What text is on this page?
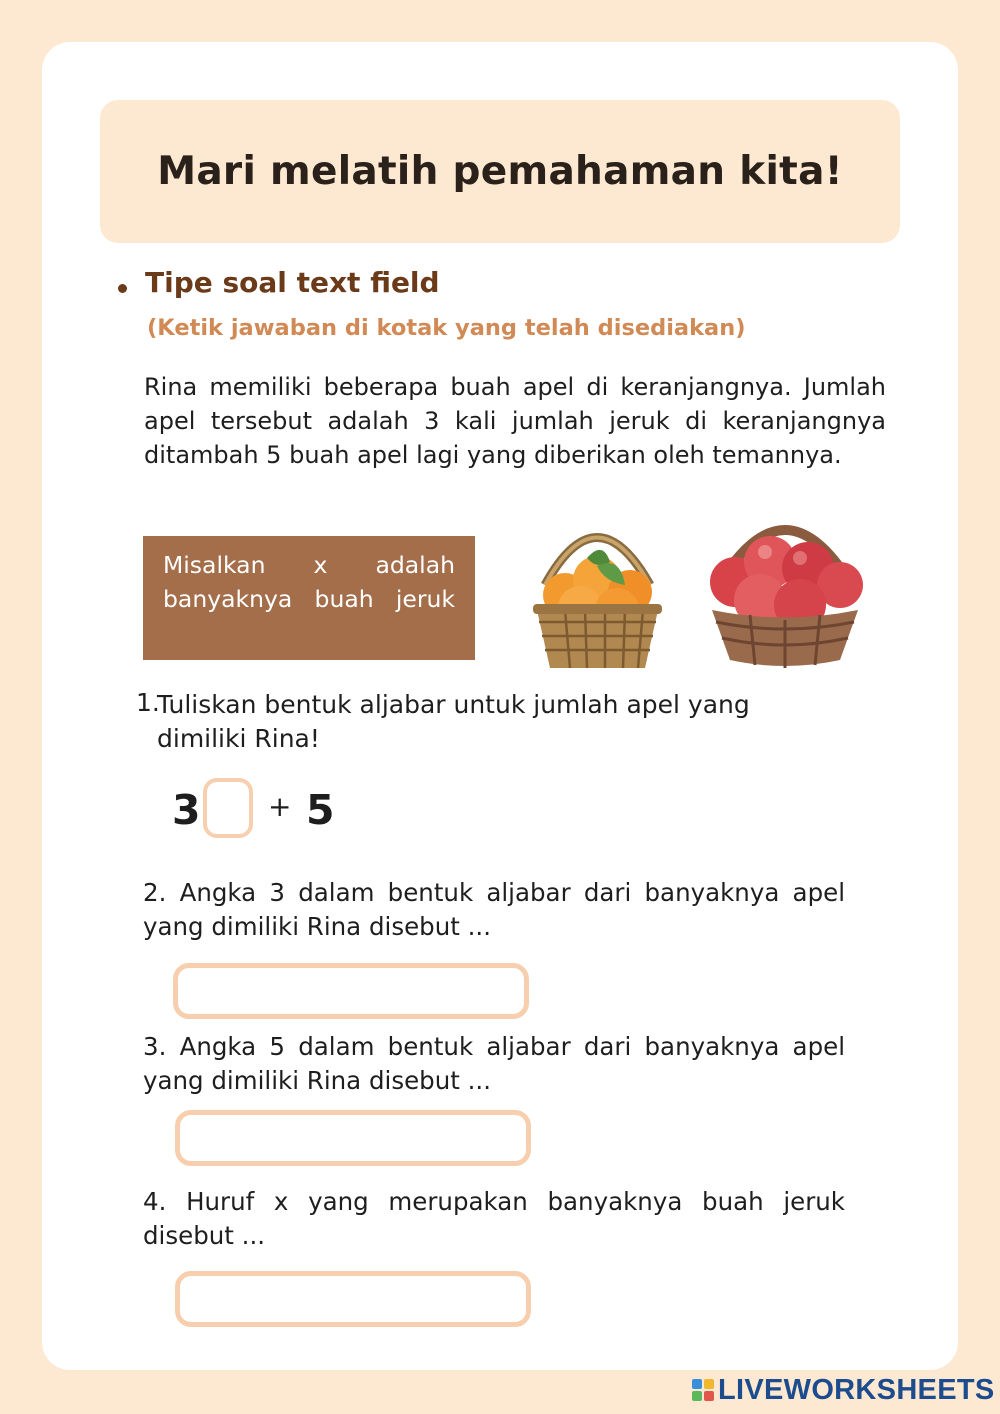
Mari melatih pemahaman kita!
Tipe soal text field
(Ketik jawaban di kotak yang telah disediakan)
Rina memiliki beberapa buah apel di keranjangnya. Jumlah apel tersebut adalah 3 kali jumlah jeruk di keranjangnya ditambah 5 buah apel lagi yang diberikan oleh temannya.
Misalkan x adalah banyaknya buah jeruk
1.
Tuliskan bentuk aljabar untuk jumlah apel yang dimiliki Rina!
3 + 5
2. Angka 3 dalam bentuk aljabar dari banyaknya apel yang dimiliki Rina disebut ...
3. Angka 5 dalam bentuk aljabar dari banyaknya apel yang dimiliki Rina disebut ...
4. Huruf x yang merupakan banyaknya buah jeruk disebut ...
LIVEWORKSHEETS
